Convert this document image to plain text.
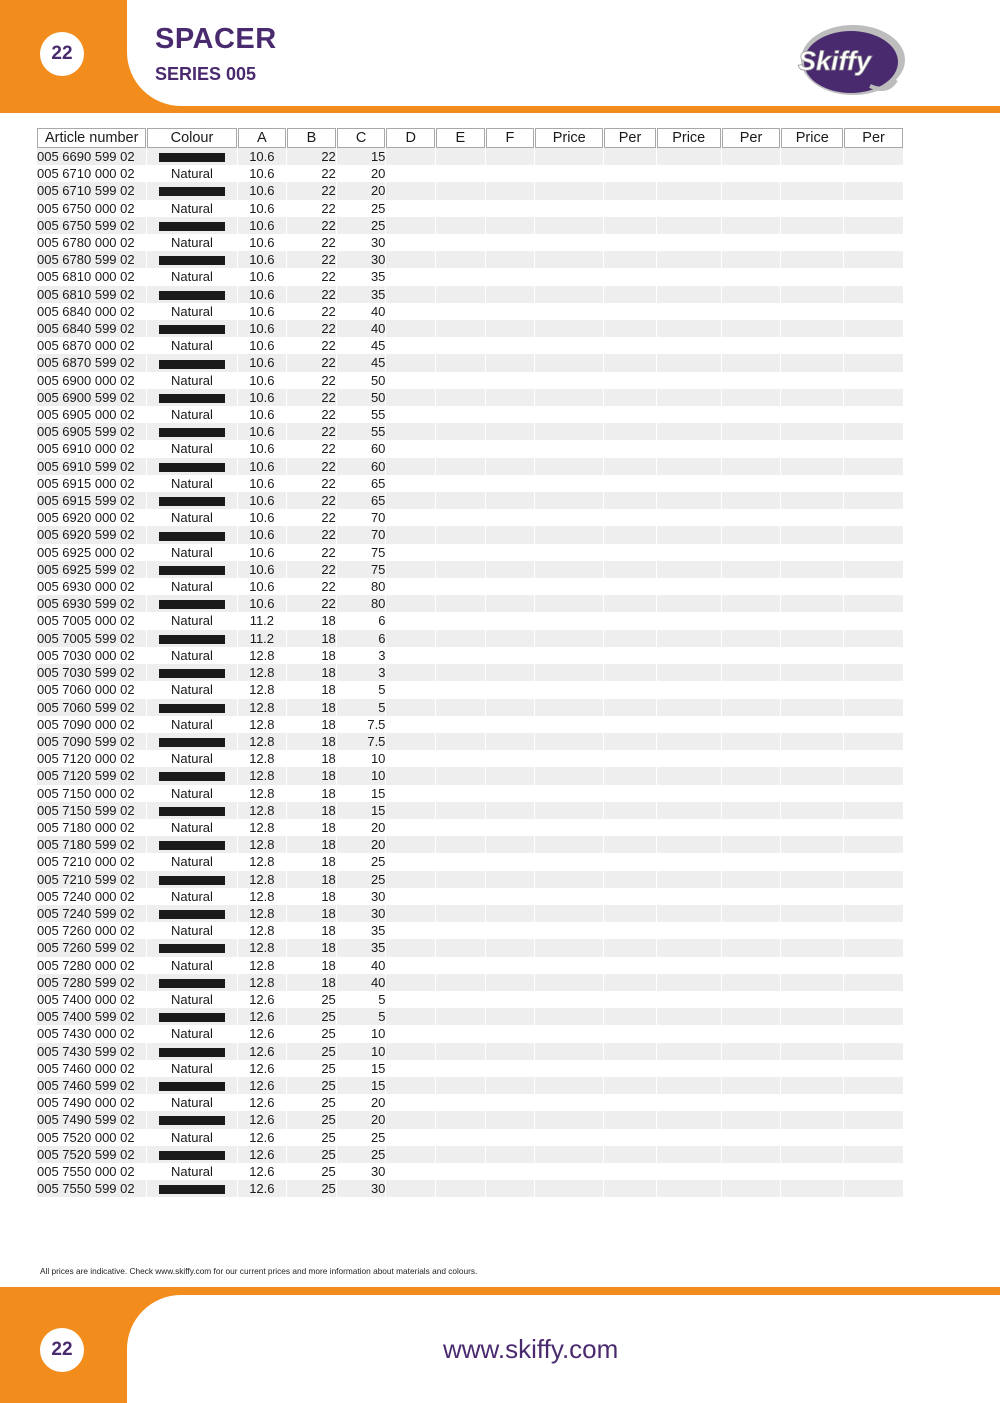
22	SPACER
SERIES 005	Skiffy
Article number	Colour	A	B	C	D	E	F	Price	Per	Price	Per	Price	Per
005 6690 599 02		10.6	22	15									
005 6710 000 02	Natural	10.6	22	20									
005 6710 599 02		10.6	22	20									
005 6750 000 02	Natural	10.6	22	25									
005 6750 599 02		10.6	22	25									
005 6780 000 02	Natural	10.6	22	30									
005 6780 599 02		10.6	22	30									
005 6810 000 02	Natural	10.6	22	35									
005 6810 599 02		10.6	22	35									
005 6840 000 02	Natural	10.6	22	40									
005 6840 599 02		10.6	22	40									
005 6870 000 02	Natural	10.6	22	45									
005 6870 599 02		10.6	22	45									
005 6900 000 02	Natural	10.6	22	50									
005 6900 599 02		10.6	22	50									
005 6905 000 02	Natural	10.6	22	55									
005 6905 599 02		10.6	22	55									
005 6910 000 02	Natural	10.6	22	60									
005 6910 599 02		10.6	22	60									
005 6915 000 02	Natural	10.6	22	65									
005 6915 599 02		10.6	22	65									
005 6920 000 02	Natural	10.6	22	70									
005 6920 599 02		10.6	22	70									
005 6925 000 02	Natural	10.6	22	75									
005 6925 599 02		10.6	22	75									
005 6930 000 02	Natural	10.6	22	80									
005 6930 599 02		10.6	22	80									
005 7005 000 02	Natural	11.2	18	6									
005 7005 599 02		11.2	18	6									
005 7030 000 02	Natural	12.8	18	3									
005 7030 599 02		12.8	18	3									
005 7060 000 02	Natural	12.8	18	5									
005 7060 599 02		12.8	18	5									
005 7090 000 02	Natural	12.8	18	7.5									
005 7090 599 02		12.8	18	7.5									
005 7120 000 02	Natural	12.8	18	10									
005 7120 599 02		12.8	18	10									
005 7150 000 02	Natural	12.8	18	15									
005 7150 599 02		12.8	18	15									
005 7180 000 02	Natural	12.8	18	20									
005 7180 599 02		12.8	18	20									
005 7210 000 02	Natural	12.8	18	25									
005 7210 599 02		12.8	18	25									
005 7240 000 02	Natural	12.8	18	30									
005 7240 599 02		12.8	18	30									
005 7260 000 02	Natural	12.8	18	35									
005 7260 599 02		12.8	18	35									
005 7280 000 02	Natural	12.8	18	40									
005 7280 599 02		12.8	18	40									
005 7400 000 02	Natural	12.6	25	5									
005 7400 599 02		12.6	25	5									
005 7430 000 02	Natural	12.6	25	10									
005 7430 599 02		12.6	25	10									
005 7460 000 02	Natural	12.6	25	15									
005 7460 599 02		12.6	25	15									
005 7490 000 02	Natural	12.6	25	20									
005 7490 599 02		12.6	25	20									
005 7520 000 02	Natural	12.6	25	25									
005 7520 599 02		12.6	25	25									
005 7550 000 02	Natural	12.6	25	30									
005 7550 599 02		12.6	25	30									
All prices are indicative. Check www.skiffy.com for our current prices and more information about materials and colours.
22	www.skiffy.com
